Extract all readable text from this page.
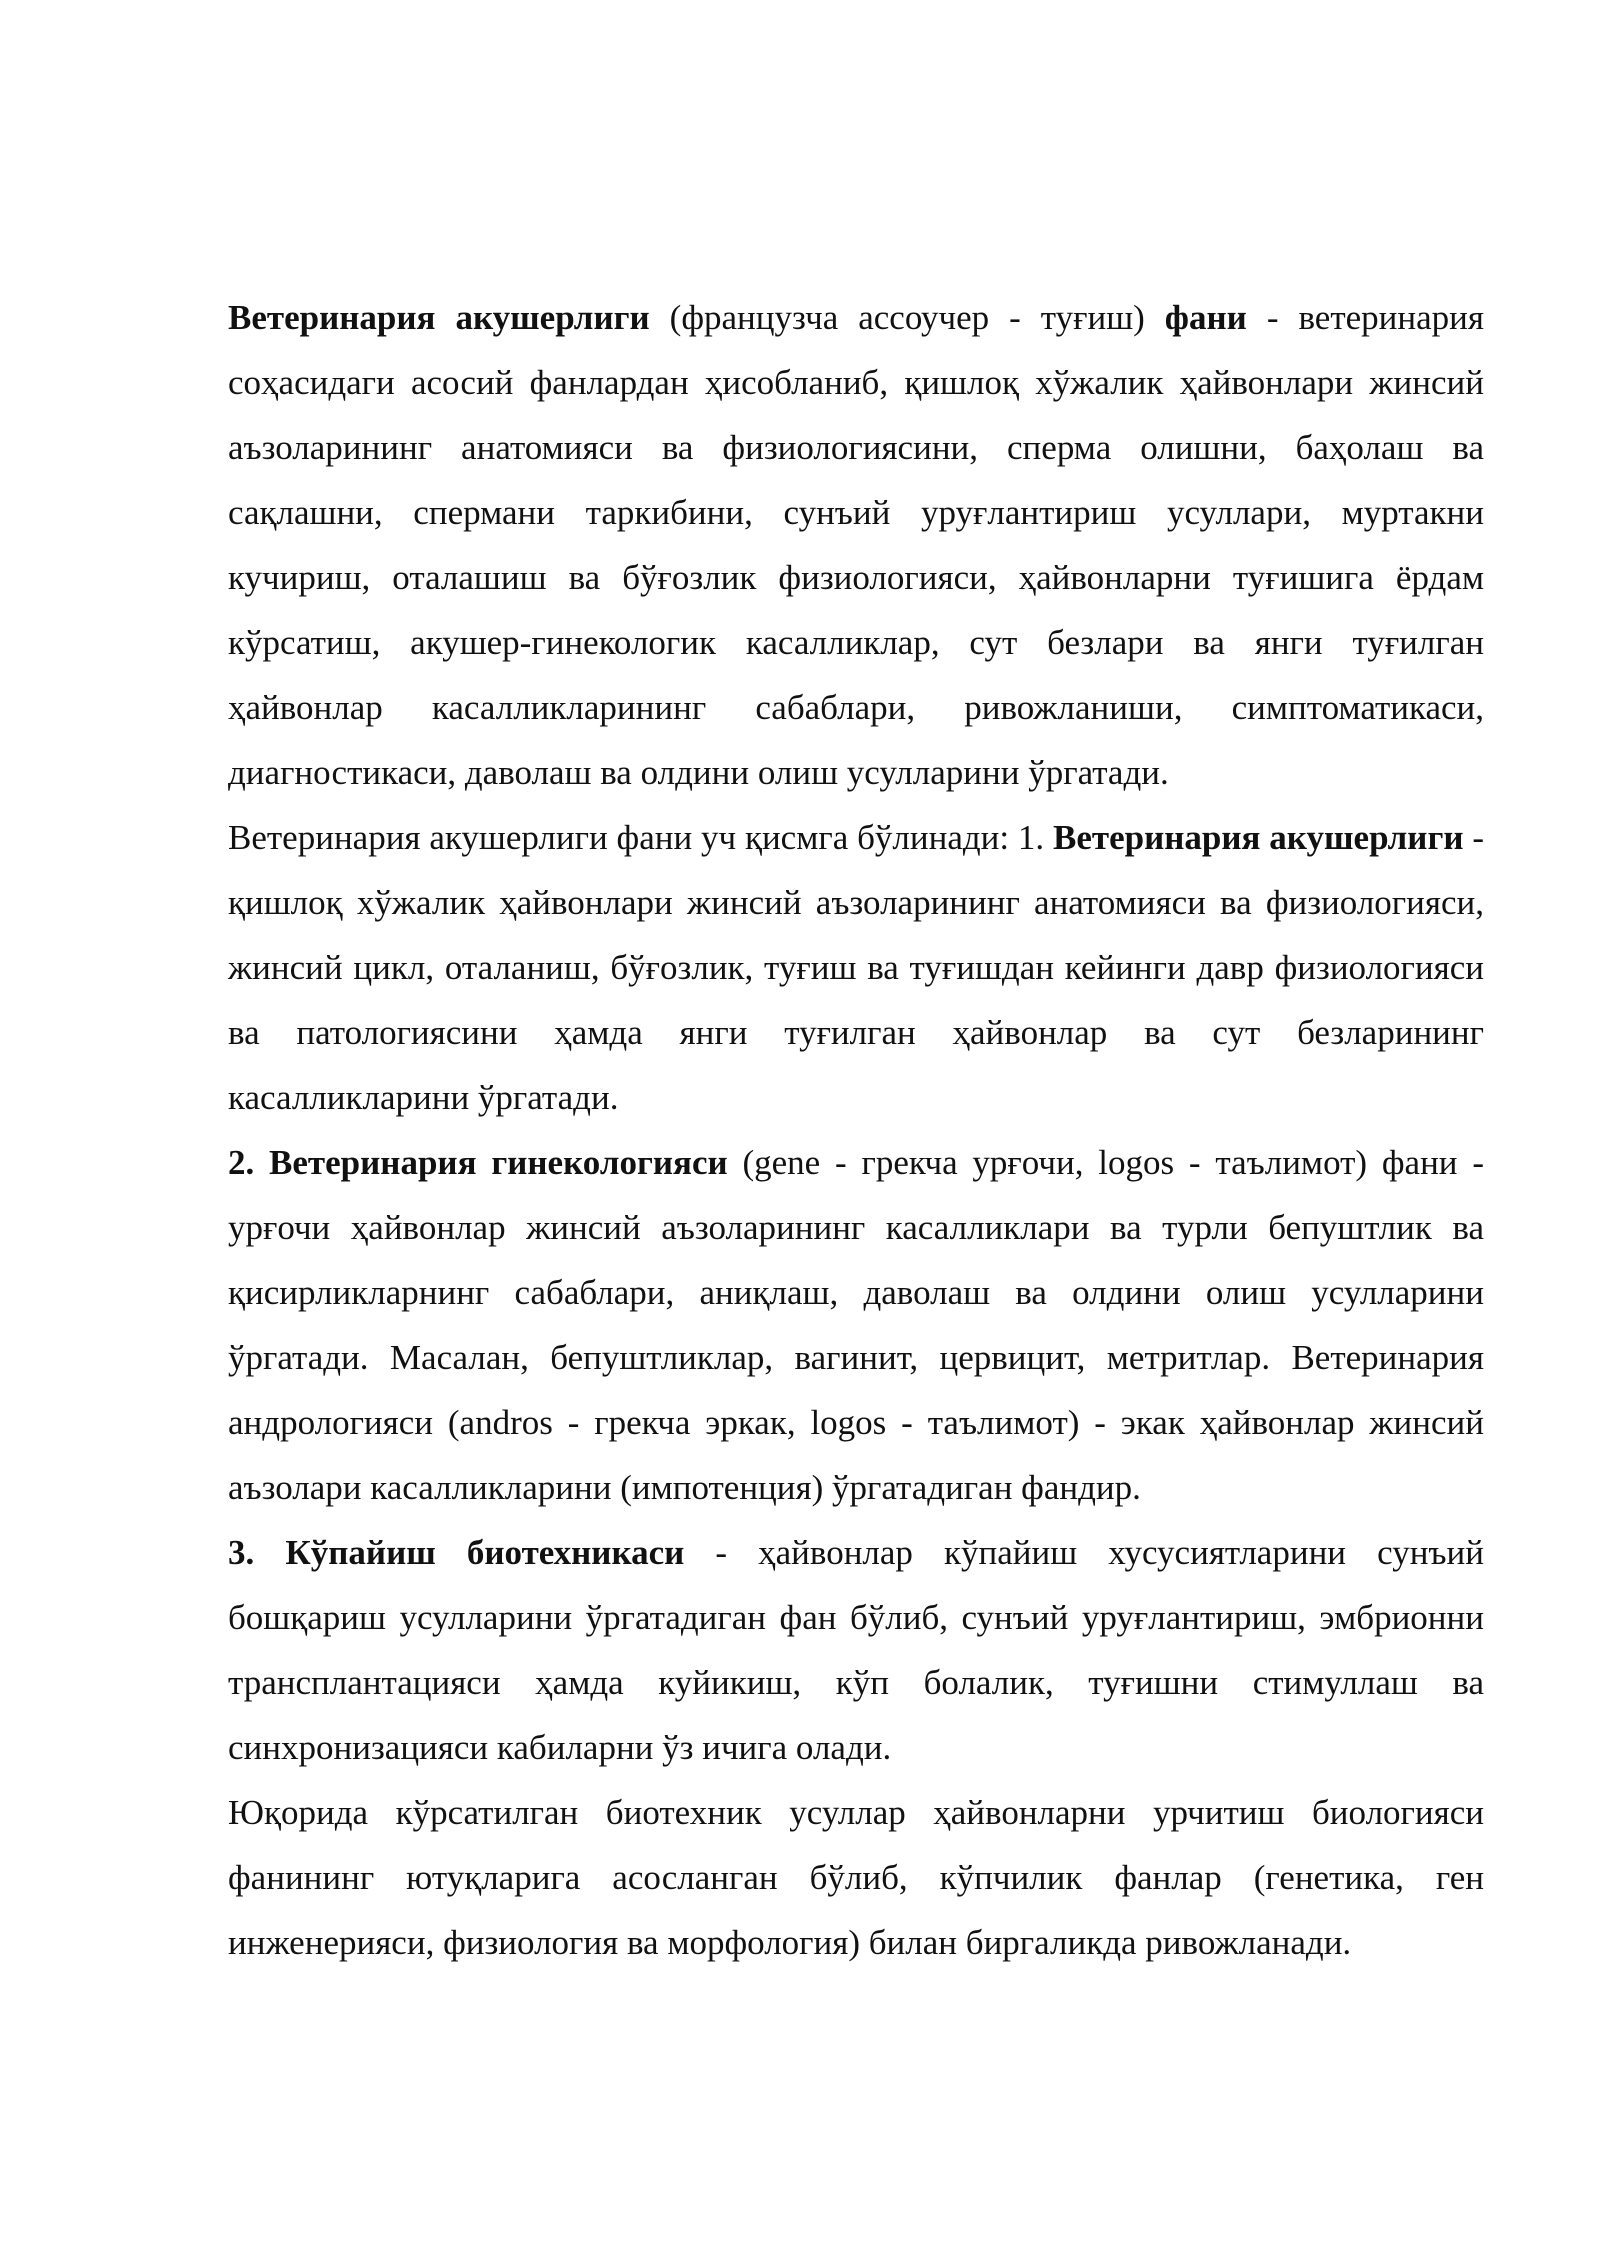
Ветеринария акушерлиги (французча ассоучер - туғиш) фани - ветеринария соҳасидаги асосий фанлардан ҳисобланиб, қишлоқ хўжалик ҳайвонлари жинсий аъзоларининг анатомияси ва физиологиясини, сперма олишни, баҳолаш ва сақлашни, спермани таркибини, сунъий уруғлантириш усуллари, муртакни кучириш, оталашиш ва бўғозлик физиологияси, ҳайвонларни туғишига ёрдам кўрсатиш, акушер-гинекологик касалликлар, сут безлари ва янги туғилган ҳайвонлар касалликларининг сабаблари, ривожланиши, симптоматикаси, диагностикаси, даволаш ва олдини олиш усулларини ўргатади.

Ветеринария акушерлиги фани уч қисмга бўлинади: 1. Ветеринария акушерлиги - қишлоқ хўжалик ҳайвонлари жинсий аъзоларининг анатомияси ва физиологияси, жинсий цикл, оталаниш, бўғозлик, туғиш ва туғишдан кейинги давр физиологияси ва патологиясини ҳамда янги туғилган ҳайвонлар ва сут безларининг касалликларини ўргатади.

2. Ветеринария гинекологияси (gene - грекча урғочи, logos - таълимот) фани - урғочи ҳайвонлар жинсий аъзоларининг касалликлари ва турли бепуштлик ва қисирликларнинг сабаблари, аниқлаш, даволаш ва олдини олиш усулларини ўргатади. Масалан, бепуштликлар, вагинит, цервицит, метритлар. Ветеринария андрологияси (andros - грекча эркак, logos - таълимот) - экак ҳайвонлар жинсий аъзолари касалликларини (импотенция) ўргатадиган фандир.

3. Кўпайиш биотехникаси - ҳайвонлар кўпайиш хусусиятларини сунъий бошқариш усулларини ўргатадиган фан бўлиб, сунъий уруғлантириш, эмбрионни трансплантацияси ҳамда куйикиш, кўп болалик, туғишни стимуллаш ва синхронизацияси кабиларни ўз ичига олади.

Юқорида кўрсатилган биотехник усуллар ҳайвонларни урчитиш биологияси фанининг ютуқларига асосланган бўлиб, кўпчилик фанлар (генетика, ген инженерияси, физиология ва морфология) билан биргаликда ривожланади.
